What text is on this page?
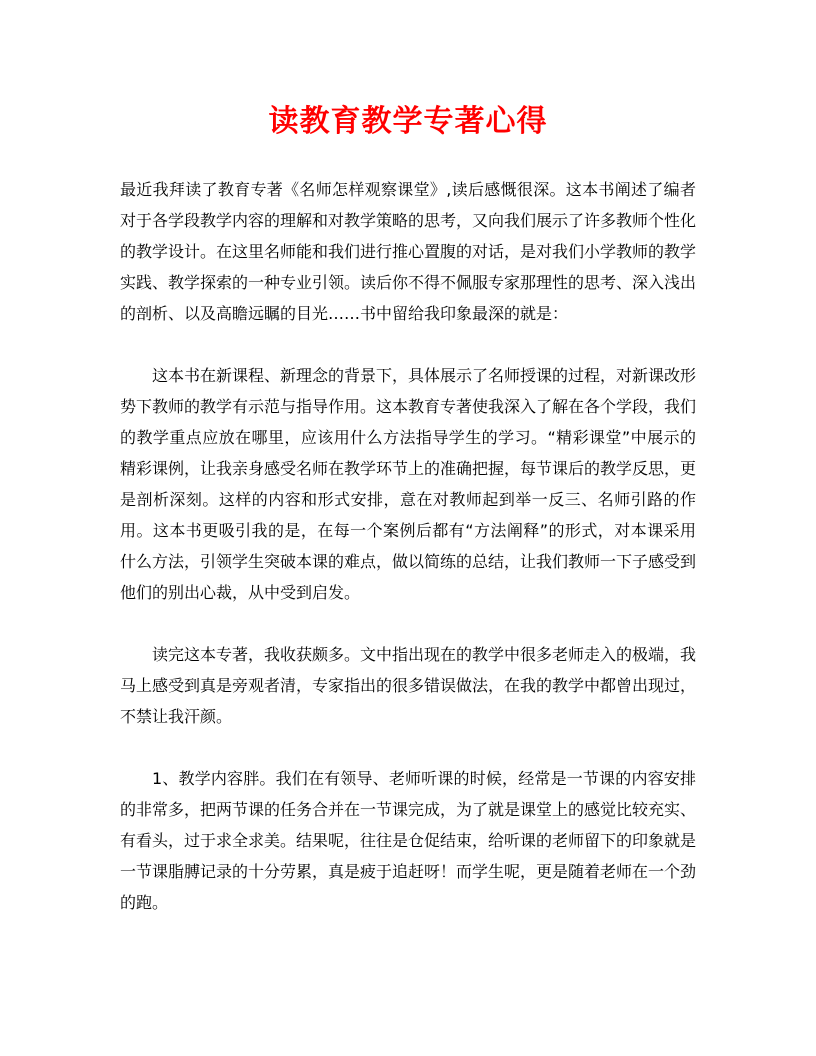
读教育教学专著心得

最近我拜读了教育专著《名师怎样观察课堂》,读后感慨很深。这本书阐述了编者对于各学段教学内容的理解和对教学策略的思考，又向我们展示了许多教师个性化的教学设计。在这里名师能和我们进行推心置腹的对话，是对我们小学教师的教学实践、教学探索的一种专业引领。读后你不得不佩服专家那理性的思考、深入浅出的剖析、以及高瞻远瞩的目光……书中留给我印象最深的就是：

这本书在新课程、新理念的背景下，具体展示了名师授课的过程，对新课改形势下教师的教学有示范与指导作用。这本教育专著使我深入了解在各个学段，我们的教学重点应放在哪里，应该用什么方法指导学生的学习。“精彩课堂”中展示的精彩课例，让我亲身感受名师在教学环节上的准确把握，每节课后的教学反思，更是剖析深刻。这样的内容和形式安排，意在对教师起到举一反三、名师引路的作用。这本书更吸引我的是，在每一个案例后都有“方法阐释”的形式，对本课采用什么方法，引领学生突破本课的难点，做以简练的总结，让我们教师一下子感受到他们的别出心裁，从中受到启发。

读完这本专著，我收获颇多。文中指出现在的教学中很多老师走入的极端，我马上感受到真是旁观者清，专家指出的很多错误做法，在我的教学中都曾出现过，不禁让我汗颜。

1、教学内容胖。我们在有领导、老师听课的时候，经常是一节课的内容安排的非常多，把两节课的任务合并在一节课完成，为了就是课堂上的感觉比较充实、有看头，过于求全求美。结果呢，往往是仓促结束，给听课的老师留下的印象就是一节课脂膊记录的十分劳累，真是疲于追赶呀！而学生呢，更是随着老师在一个劲的跑。
